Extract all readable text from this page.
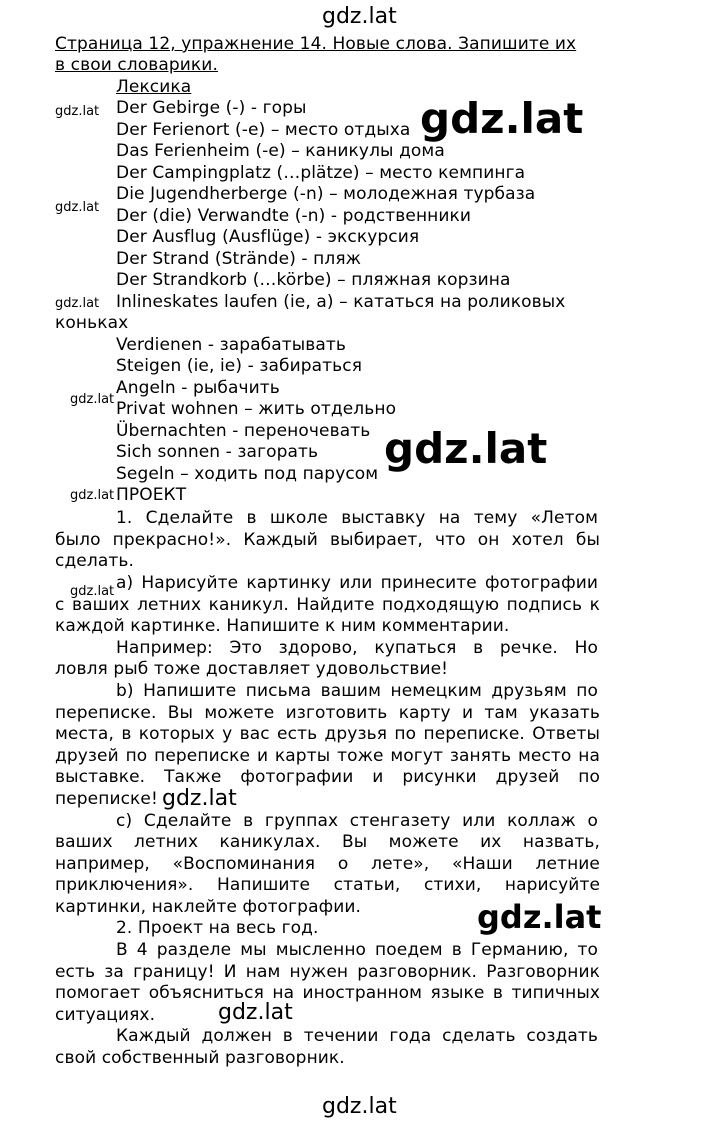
gdz.lat
gdz.lat
gdz.lat
gdz.lat
gdz.lat
gdz.lat
gdz.lat
Страница 12, упражнение 14. Новые слова. Запишите их
в свои словарики.
Лексика
Der Gebirge (-) - горы
Der Ferienort (-e) – место отдыха
Das Ferienheim (-e) – каникулы дома
Der Campingplatz (…plätze) – место кемпинга
Die Jugendherberge (-n) – молодежная турбаза
Der (die) Verwandte (-n) - родственники
Der Ausflug (Ausflüge) - экскурсия
Der Strand (Strände) - пляж
Der Strandkorb (…körbe) – пляжная корзина
Inlineskates laufen (ie, a) – кататься на роликовых
коньках
Verdienen - зарабатывать
Steigen (ie, ie) - забираться
Angeln - рыбачить
Privat wohnen – жить отдельно
Übernachten - переночевать
Sich sonnen - загорать
Segeln – ходить под парусом
ПРОЕКТ
1. Сделайте в школе выставку на тему «Летом
было прекрасно!». Каждый выбирает, что он хотел бы
сделать.
a) Нарисуйте картинку или принесите фотографии
с ваших летних каникул. Найдите подходящую подпись к
каждой картинке. Напишите к ним комментарии.
Например: Это здорово, купаться в речке. Но
ловля рыб тоже доставляет удовольствие!
b) Напишите письма вашим немецким друзьям по
переписке. Вы можете изготовить карту и там указать
места, в которых у вас есть друзья по переписке. Ответы
друзей по переписке и карты тоже могут занять место на
выставке. Также фотографии и рисунки друзей по
переписке!
c) Сделайте в группах стенгазету или коллаж о
ваших летних каникулах. Вы можете их назвать,
например, «Воспоминания о лете», «Наши летние
приключения». Напишите статьи, стихи, нарисуйте
картинки, наклейте фотографии.
2. Проект на весь год.
В 4 разделе мы мысленно поедем в Германию, то
есть за границу! И нам нужен разговорник. Разговорник
помогает объясниться на иностранном языке в типичных
ситуациях.
Каждый должен в течении года сделать создать
свой собственный разговорник.
gdz.lat
gdz.lat
gdz.lat
gdz.lat
gdz.lat
gdz.lat
